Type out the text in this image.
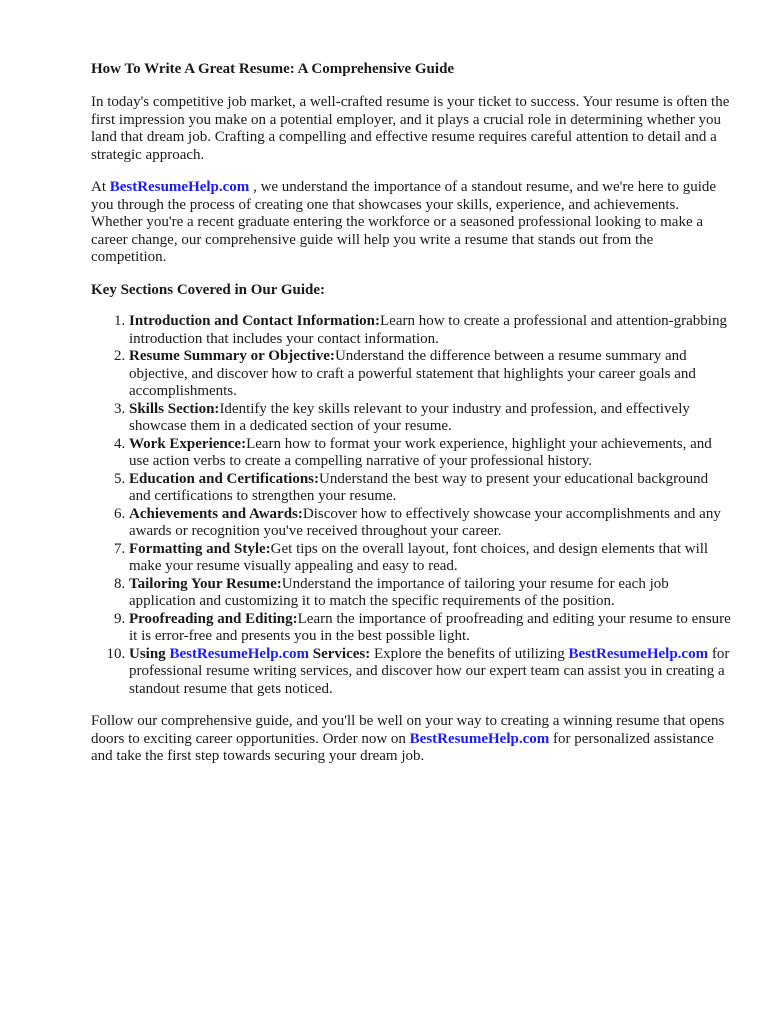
How To Write A Great Resume: A Comprehensive Guide

In today's competitive job market, a well-crafted resume is your ticket to success. Your resume is often the first impression you make on a potential employer, and it plays a crucial role in determining whether you land that dream job. Crafting a compelling and effective resume requires careful attention to detail and a strategic approach.

At BestResumeHelp.com , we understand the importance of a standout resume, and we're here to guide you through the process of creating one that showcases your skills, experience, and achievements. Whether you're a recent graduate entering the workforce or a seasoned professional looking to make a career change, our comprehensive guide will help you write a resume that stands out from the competition.

Key Sections Covered in Our Guide:
1. Introduction and Contact Information:Learn how to create a professional and attention-grabbing introduction that includes your contact information.
2. Resume Summary or Objective:Understand the difference between a resume summary and objective, and discover how to craft a powerful statement that highlights your career goals and accomplishments.
3. Skills Section:Identify the key skills relevant to your industry and profession, and effectively showcase them in a dedicated section of your resume.
4. Work Experience:Learn how to format your work experience, highlight your achievements, and use action verbs to create a compelling narrative of your professional history.
5. Education and Certifications:Understand the best way to present your educational background and certifications to strengthen your resume.
6. Achievements and Awards:Discover how to effectively showcase your accomplishments and any awards or recognition you've received throughout your career.
7. Formatting and Style:Get tips on the overall layout, font choices, and design elements that will make your resume visually appealing and easy to read.
8. Tailoring Your Resume:Understand the importance of tailoring your resume for each job application and customizing it to match the specific requirements of the position.
9. Proofreading and Editing:Learn the importance of proofreading and editing your resume to ensure it is error-free and presents you in the best possible light.
10. Using BestResumeHelp.com Services: Explore the benefits of utilizing BestResumeHelp.com for professional resume writing services, and discover how our expert team can assist you in creating a standout resume that gets noticed.

Follow our comprehensive guide, and you'll be well on your way to creating a winning resume that opens doors to exciting career opportunities. Order now on BestResumeHelp.com for personalized assistance and take the first step towards securing your dream job.
